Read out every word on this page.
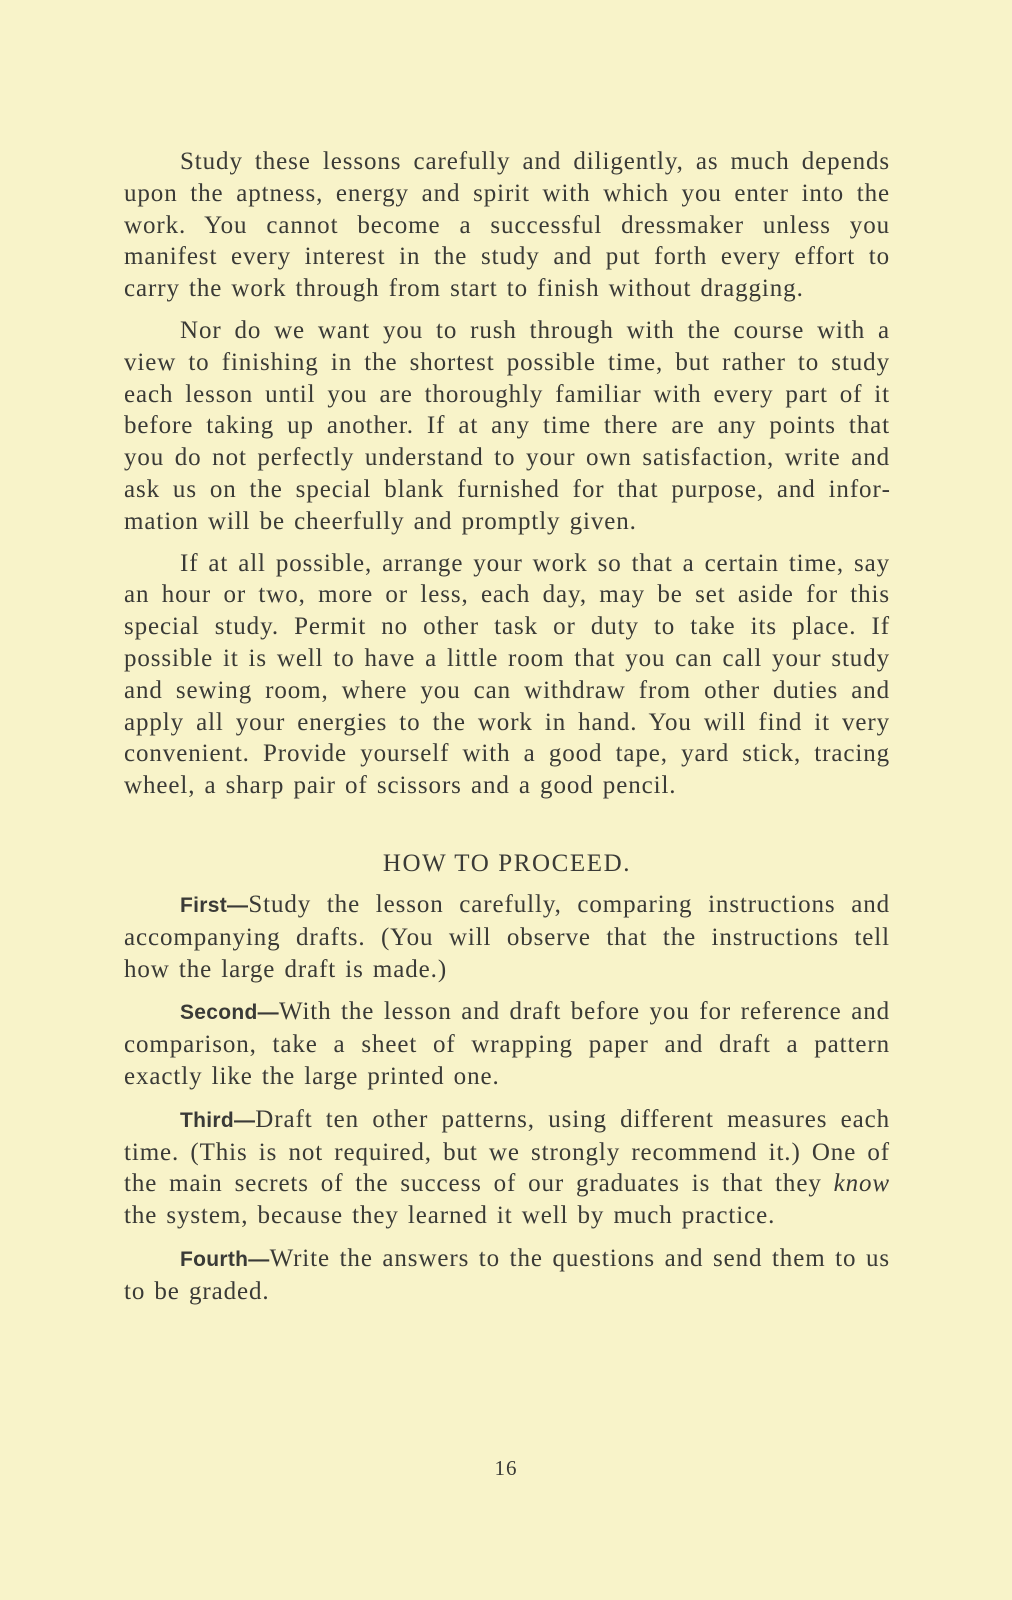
Study these lessons carefully and diligently, as much depends upon the aptness, energy and spirit with which you enter into the work. You cannot become a successful dressmaker unless you manifest every interest in the study and put forth every effort to carry the work through from start to finish without dragging.

Nor do we want you to rush through with the course with a view to finishing in the shortest possible time, but rather to study each lesson until you are thoroughly familiar with every part of it before taking up another. If at any time there are any points that you do not perfectly understand to your own satisfaction, write and ask us on the special blank furnished for that purpose, and information will be cheerfully and promptly given.

If at all possible, arrange your work so that a certain time, say an hour or two, more or less, each day, may be set aside for this special study. Permit no other task or duty to take its place. If possible it is well to have a little room that you can call your study and sewing room, where you can withdraw from other duties and apply all your energies to the work in hand. You will find it very convenient. Provide yourself with a good tape, yard stick, tracing wheel, a sharp pair of scissors and a good pencil.

HOW TO PROCEED.

First—Study the lesson carefully, comparing instructions and accompanying drafts. (You will observe that the instructions tell how the large draft is made.)

Second—With the lesson and draft before you for reference and comparison, take a sheet of wrapping paper and draft a pattern exactly like the large printed one.

Third—Draft ten other patterns, using different measures each time. (This is not required, but we strongly recommend it.) One of the main secrets of the success of our graduates is that they know the system, because they learned it well by much practice.

Fourth—Write the answers to the questions and send them to us to be graded.

16
